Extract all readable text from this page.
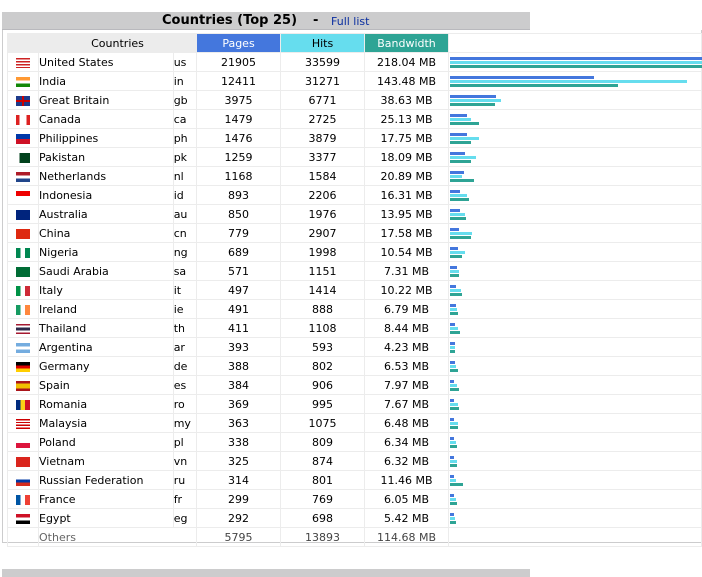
Countries (Top 25) - Full list
	Countries		Pages	Hits	Bandwidth	
	United States	us	21905	33599	218.04 MB	

	India	in	12411	31271	143.48 MB	

	Great Britain	gb	3975	6771	38.63 MB	

	Canada	ca	1479	2725	25.13 MB	

	Philippines	ph	1476	3879	17.75 MB	

	Pakistan	pk	1259	3377	18.09 MB	

	Netherlands	nl	1168	1584	20.89 MB	

	Indonesia	id	893	2206	16.31 MB	

	Australia	au	850	1976	13.95 MB	

	China	cn	779	2907	17.58 MB	

	Nigeria	ng	689	1998	10.54 MB	

	Saudi Arabia	sa	571	1151	7.31 MB	

	Italy	it	497	1414	10.22 MB	

	Ireland	ie	491	888	6.79 MB	

	Thailand	th	411	1108	8.44 MB	

	Argentina	ar	393	593	4.23 MB	

	Germany	de	388	802	6.53 MB	

	Spain	es	384	906	7.97 MB	

	Romania	ro	369	995	7.67 MB	

	Malaysia	my	363	1075	6.48 MB	

	Poland	pl	338	809	6.34 MB	

	Vietnam	vn	325	874	6.32 MB	

	Russian Federation	ru	314	801	11.46 MB	

	France	fr	299	769	6.05 MB	

	Egypt	eg	292	698	5.42 MB	

	Others		5795	13893	114.68 MB	
